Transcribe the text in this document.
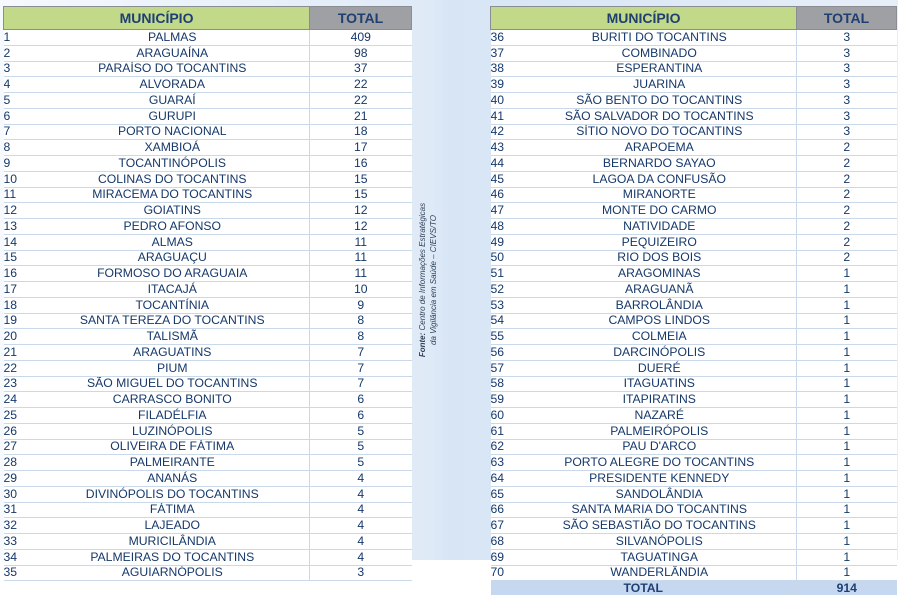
MUNICÍPIO		TOTAL
1	PALMAS	409
2	ARAGUAÍNA	98
3	PARAÍSO DO TOCANTINS	37
4	ALVORADA	22
5	GUARAÍ	22
6	GURUPI	21
7	PORTO NACIONAL	18
8	XAMBIOÁ	17
9	TOCANTINÓPOLIS	16
10	COLINAS DO TOCANTINS	15
11	MIRACEMA DO TOCANTINS	15
12	GOIATINS	12
13	PEDRO AFONSO	12
14	ALMAS	11
15	ARAGUAÇU	11
16	FORMOSO DO ARAGUAIA	11
17	ITACAJÁ	10
18	TOCANTÍNIA	9
19	SANTA TEREZA DO TOCANTINS	8
20	TALISMÃ	8
21	ARAGUATINS	7
22	PIUM	7
23	SÃO MIGUEL DO TOCANTINS	7
24	CARRASCO BONITO	6
25	FILADÉLFIA	6
26	LUZINÓPOLIS	5
27	OLIVEIRA DE FÁTIMA	5
28	PALMEIRANTE	5
29	ANANÁS	4
30	DIVINÓPOLIS DO TOCANTINS	4
31	FÁTIMA	4
32	LAJEADO	4
33	MURICILÂNDIA	4
34	PALMEIRAS DO TOCANTINS	4
35	AGUIARNÓPOLIS	3
Fonte: Centro de Informações Estratégicas da Vigilância em Saúde – CIEVS/TO
MUNICÍPIO		TOTAL
36	BURITI DO TOCANTINS	3
37	COMBINADO	3
38	ESPERANTINA	3
39	JUARINA	3
40	SÃO BENTO DO TOCANTINS	3
41	SÃO SALVADOR DO TOCANTINS	3
42	SÍTIO NOVO DO TOCANTINS	3
43	ARAPOEMA	2
44	BERNARDO SAYAO	2
45	LAGOA DA CONFUSÃO	2
46	MIRANORTE	2
47	MONTE DO CARMO	2
48	NATIVIDADE	2
49	PEQUIZEIRO	2
50	RIO DOS BOIS	2
51	ARAGOMINAS	1
52	ARAGUANÃ	1
53	BARROLÂNDIA	1
54	CAMPOS LINDOS	1
55	COLMEIA	1
56	DARCINÓPOLIS	1
57	DUERÉ	1
58	ITAGUATINS	1
59	ITAPIRATINS	1
60	NAZARÉ	1
61	PALMEIRÓPOLIS	1
62	PAU D'ARCO	1
63	PORTO ALEGRE DO TOCANTINS	1
64	PRESIDENTE KENNEDY	1
65	SANDOLÂNDIA	1
66	SANTA MARIA DO TOCANTINS	1
67	SÃO SEBASTIÃO DO TOCANTINS	1
68	SILVANÓPOLIS	1
69	TAGUATINGA	1
70	WANDERLÂNDIA	1
TOTAL		914
